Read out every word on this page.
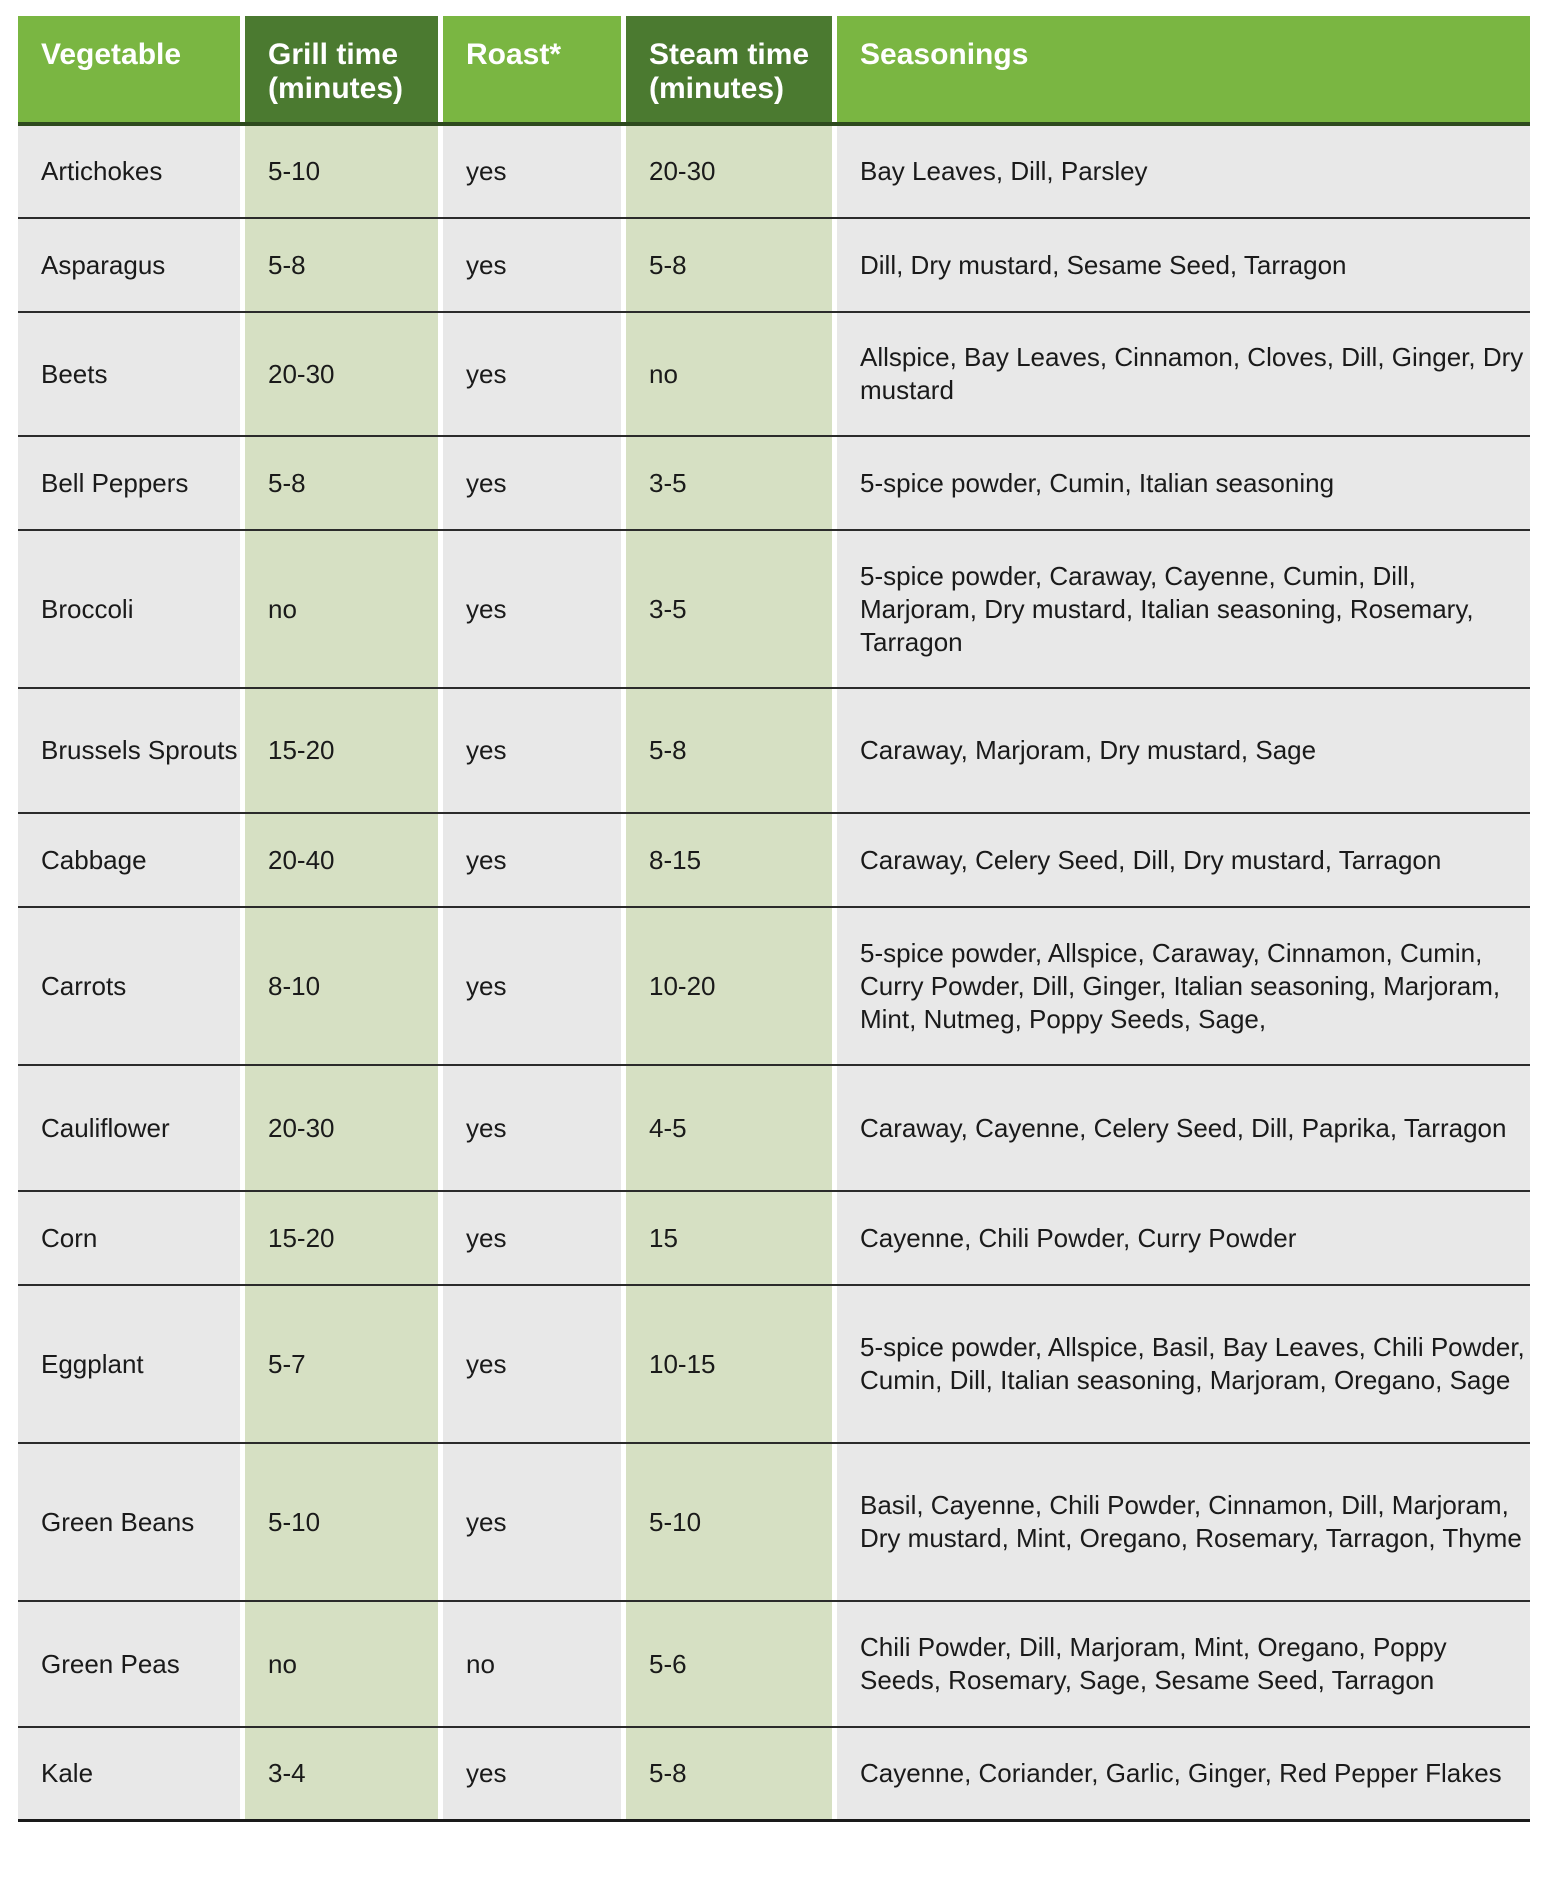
Vegetable		Grill time (minutes)		Roast*		Steam time (minutes)		Seasonings
Artichokes		5-10		yes		20-30		Bay Leaves, Dill, Parsley
Asparagus		5-8		yes		5-8		Dill, Dry mustard, Sesame Seed, Tarragon
Beets		20-30		yes		no		Allspice, Bay Leaves, Cinnamon, Cloves, Dill, Ginger, Dry mustard
Bell Peppers		5-8		yes		3-5		5-spice powder, Cumin, Italian seasoning
Broccoli		no		yes		3-5		5-spice powder, Caraway, Cayenne, Cumin, Dill, Marjoram, Dry mustard, Italian seasoning, Rosemary, Tarragon
Brussels Sprouts		15-20		yes		5-8		Caraway, Marjoram, Dry mustard, Sage
Cabbage		20-40		yes		8-15		Caraway, Celery Seed, Dill, Dry mustard, Tarragon
Carrots		8-10		yes		10-20		5-spice powder, Allspice, Caraway, Cinnamon, Cumin, Curry Powder, Dill, Ginger, Italian seasoning, Marjoram, Mint, Nutmeg, Poppy Seeds, Sage,
Cauliflower		20-30		yes		4-5		Caraway, Cayenne, Celery Seed, Dill, Paprika, Tarragon
Corn		15-20		yes		15		Cayenne, Chili Powder, Curry Powder
Eggplant		5-7		yes		10-15		5-spice powder, Allspice, Basil, Bay Leaves, Chili Powder, Cumin, Dill, Italian seasoning, Marjoram, Oregano, Sage
Green Beans		5-10		yes		5-10		Basil, Cayenne, Chili Powder, Cinnamon, Dill, Marjoram, Dry mustard, Mint, Oregano, Rosemary, Tarragon, Thyme
Green Peas		no		no		5-6		Chili Powder, Dill, Marjoram, Mint, Oregano, Poppy Seeds, Rosemary, Sage, Sesame Seed, Tarragon
Kale		3-4		yes		5-8		Cayenne, Coriander, Garlic, Ginger, Red Pepper Flakes
